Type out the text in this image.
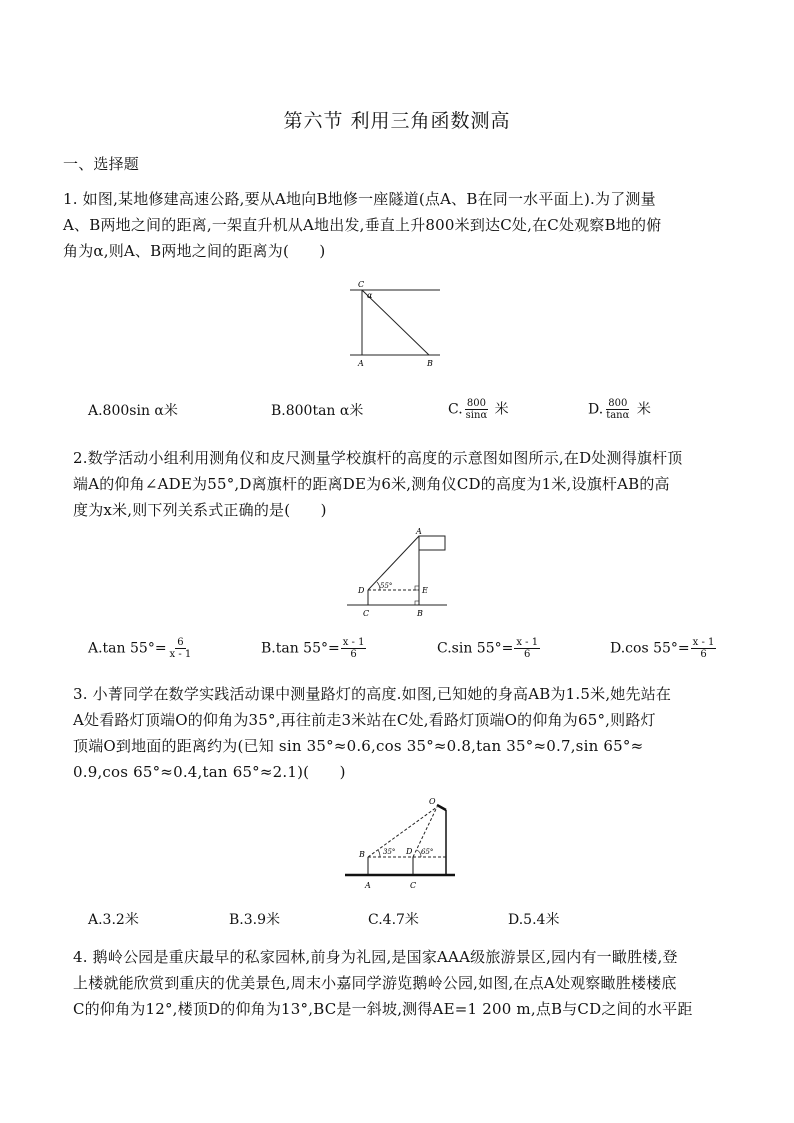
第六节 利用三角函数测高
一、选择题
1. 如图,某地修建高速公路,要从A地向B地修一座隧道(点A、B在同一水平面上).为了测量
A、B两地之间的距离,一架直升机从A地出发,垂直上升800米到达C处,在C处观察B地的俯
角为α,则A、B两地之间的距离为(　　)
C
α
A	B
A.800sin α米	B.800tan α米	C. $\frac{800}{\sin\alpha}$ 米	D. $\frac{800}{\tan\alpha}$ 米
2.数学活动小组利用测角仪和皮尺测量学校旗杆的高度的示意图如图所示,在D处测得旗杆顶
端A的仰角∠ADE为55°,D离旗杆的距离DE为6米,测角仪CD的高度为1米,设旗杆AB的高
度为x米,则下列关系式正确的是(　　)
A
D	E
C	B
55°
A.tan $55^\circ= \frac{6}{x - 1}$	B.tan $55^\circ= \frac{x - 1}{6}$	C.sin $55^\circ= \frac{x - 1}{6}$	D.cos $55^\circ= \frac{x - 1}{6}$
3. 小菁同学在数学实践活动课中测量路灯的高度.如图,已知她的身高AB为1.5米,她先站在
A处看路灯顶端O的仰角为35°,再往前走3米站在C处,看路灯顶端O的仰角为65°,则路灯
顶端O到地面的距离约为(已知 sin 35°≈0.6,cos 35°≈0.8,tan 35°≈0.7,sin 65°≈
0.9,cos 65°≈0.4,tan 65°≈2.1)(　　)
O
B	D
A	C
35°	65°
A.3.2米	B.3.9米	C.4.7米	D.5.4米
4. 鹅岭公园是重庆最早的私家园林,前身为礼园,是国家AAA级旅游景区,园内有一瞰胜楼,登
上楼就能欣赏到重庆的优美景色,周末小嘉同学游览鹅岭公园,如图,在点A处观察瞰胜楼楼底
C的仰角为12°,楼顶D的仰角为13°,BC是一斜坡,测得AE=1 200 m,点B与CD之间的水平距
